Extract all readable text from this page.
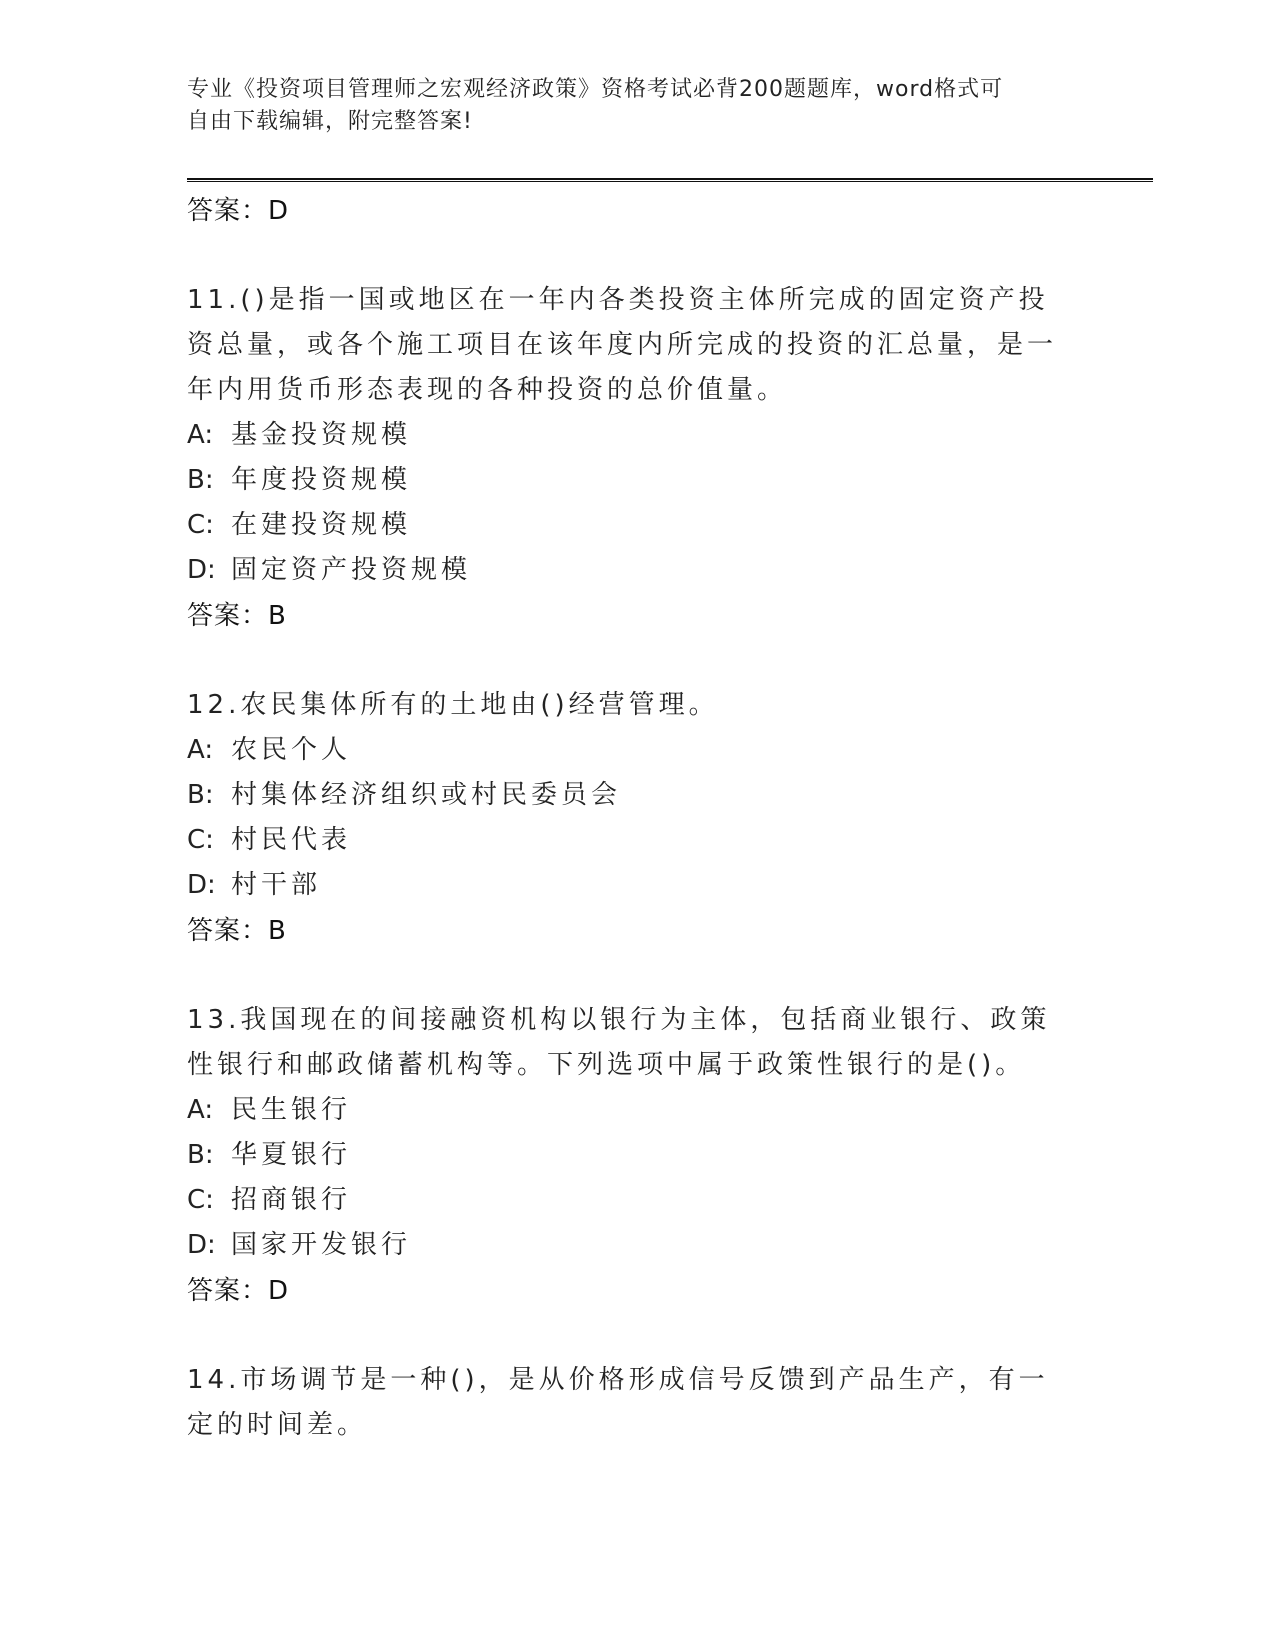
专业《投资项目管理师之宏观经济政策》资格考试必背200题题库，word格式可
自由下载编辑，附完整答案!
答案：D

11.()是指一国或地区在一年内各类投资主体所完成的固定资产投资总量，或各个施工项目在该年度内所完成的投资的汇总量，是一年内用货币形态表现的各种投资的总价值量。

A: 基金投资规模
B: 年度投资规模
C: 在建投资规模
D: 固定资产投资规模
答案：B

12.农民集体所有的土地由()经营管理。

A: 农民个人
B: 村集体经济组织或村民委员会
C: 村民代表
D: 村干部
答案：B

13.我国现在的间接融资机构以银行为主体，包括商业银行、政策性银行和邮政储蓄机构等。下列选项中属于政策性银行的是()。

A: 民生银行
B: 华夏银行
C: 招商银行
D: 国家开发银行
答案：D

14.市场调节是一种()，是从价格形成信号反馈到产品生产，有一定的时间差。
